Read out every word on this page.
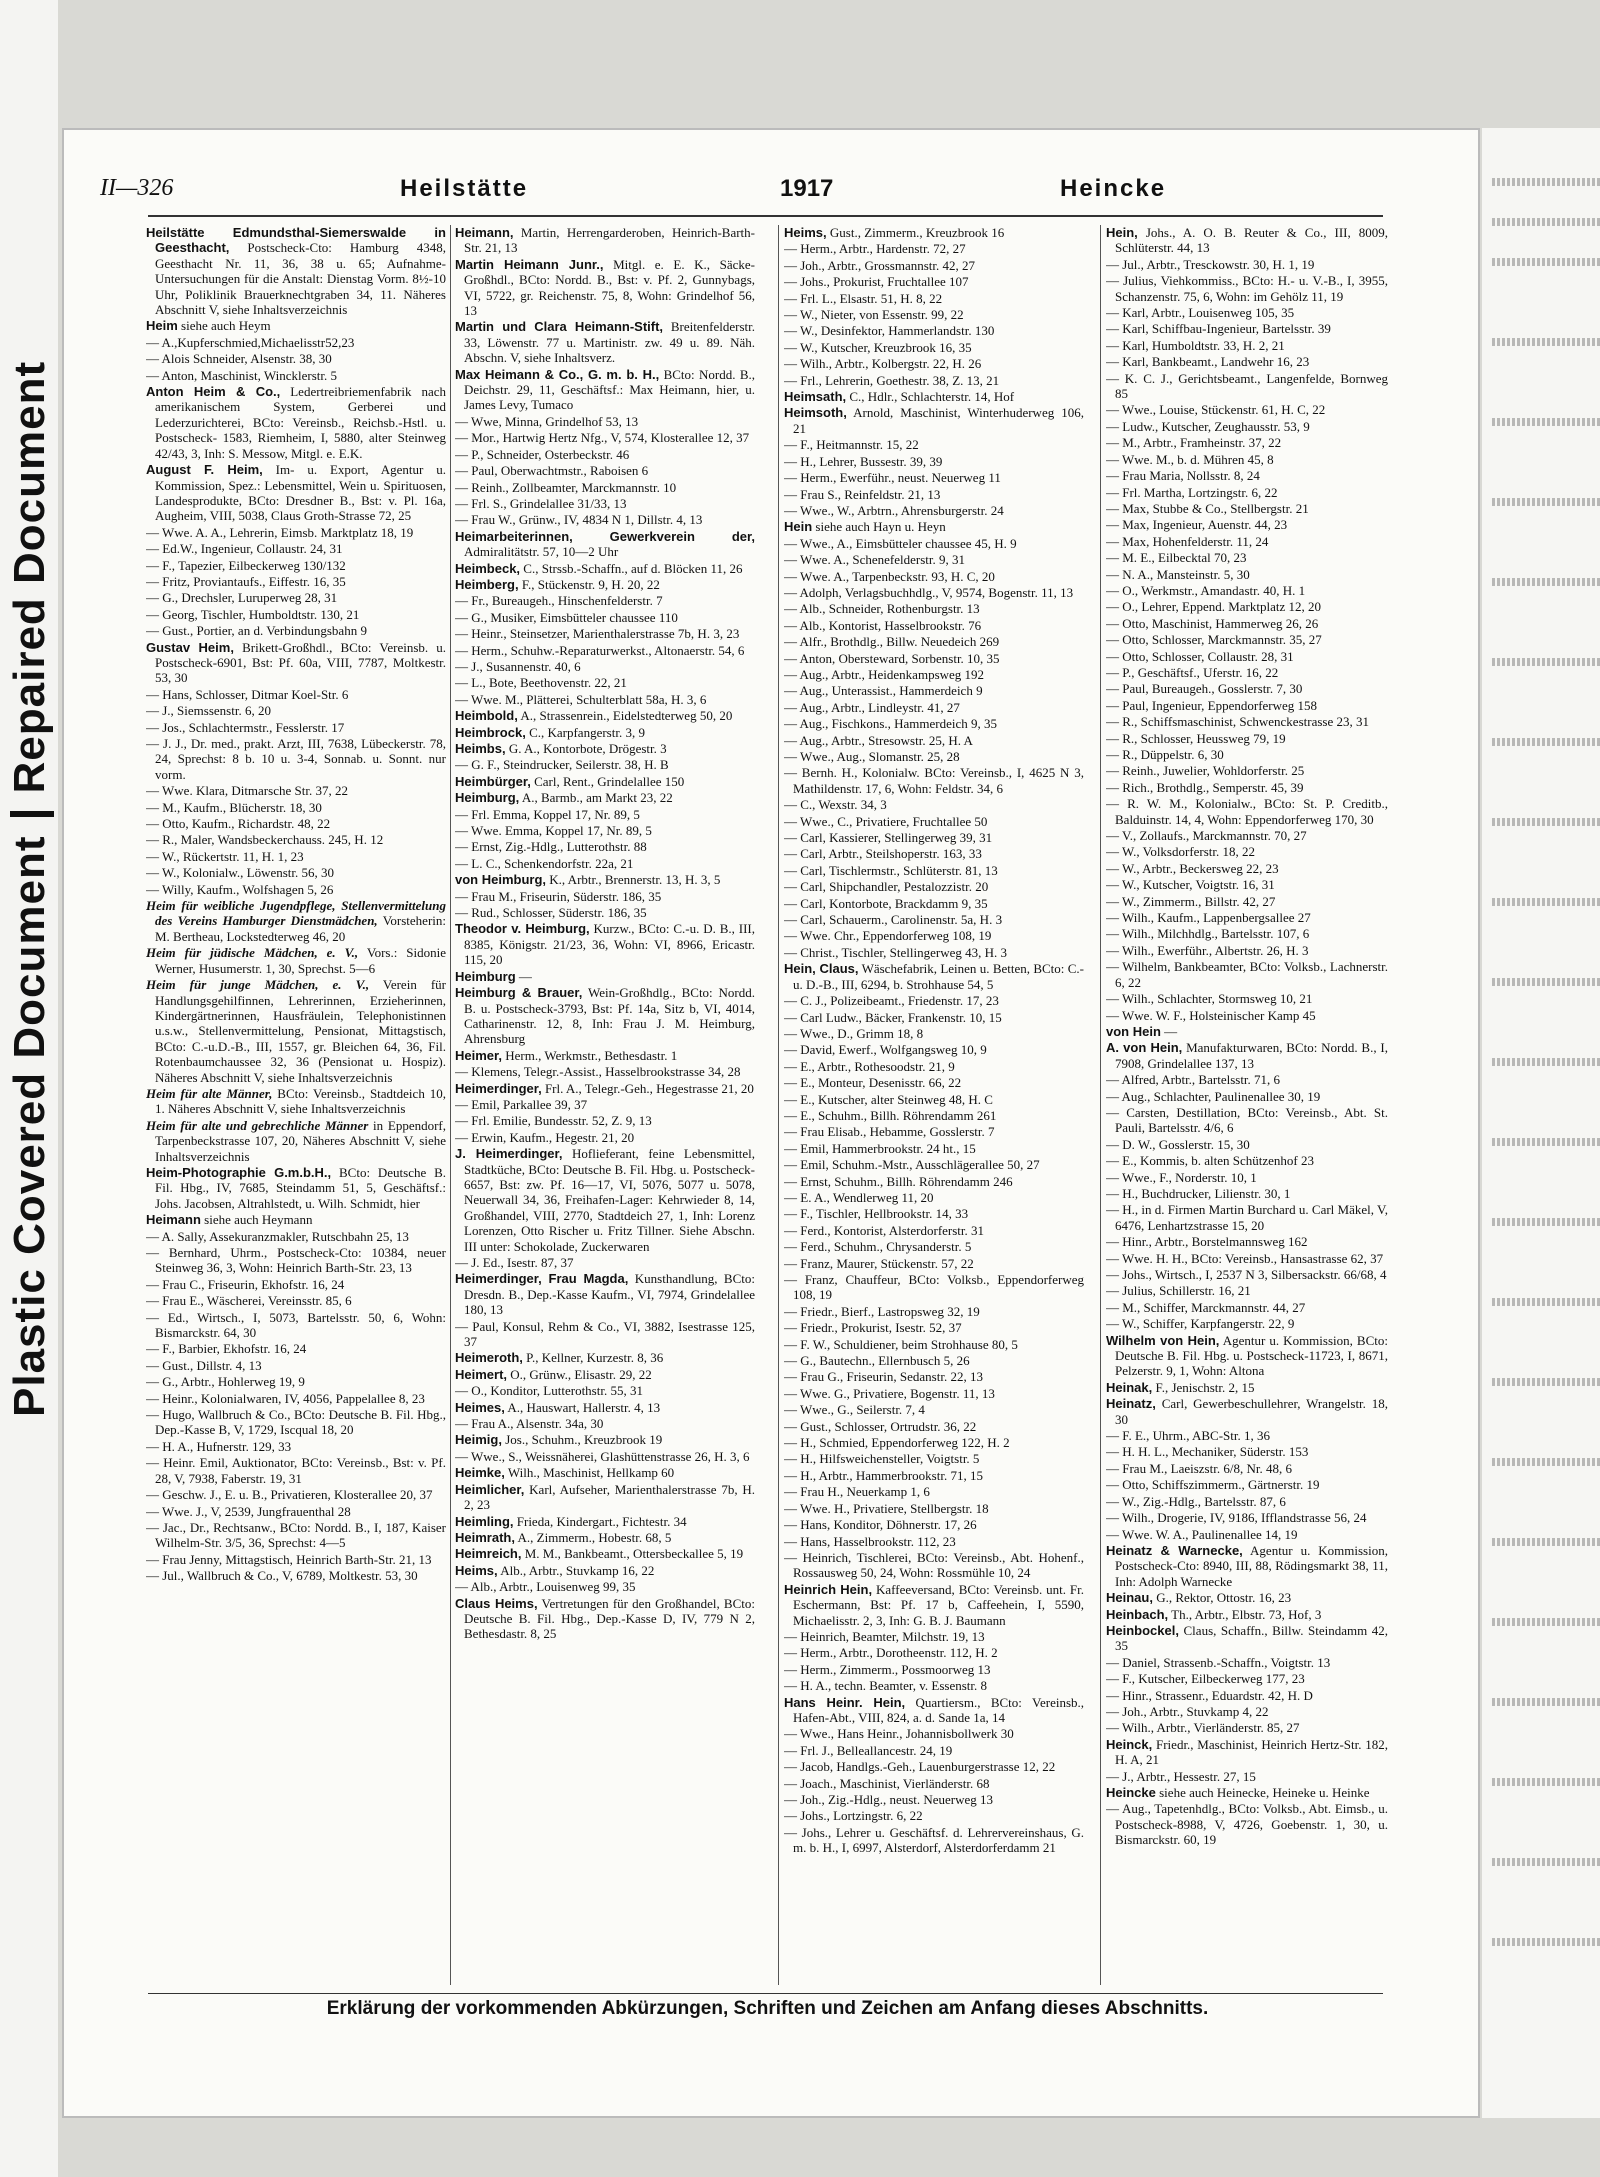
Plastic Covered DocumentRepaired Document
II—326	Heilstätte	1917	Heincke
Heilstätte Edmundsthal-Siemerswalde in Geesthacht, Postscheck-Cto: Hamburg 4348, Geesthacht Nr. 11, 36, 38 u. 65; Aufnahme-Untersuchungen für die Anstalt: Dienstag Vorm. 8½-10 Uhr, Poliklinik Brauerknechtgraben 34, 11. Näheres Abschnitt V, siehe Inhaltsverzeichnis
Heim siehe auch Heym
— A.,Kupferschmied,Michaelisstr52,23
— Alois Schneider, Alsenstr. 38, 30
— Anton, Maschinist, Wincklerstr. 5
Anton Heim & Co., Ledertreibriemenfabrik nach amerikanischem System, Gerberei und Lederzurichterei, BCto: Vereinsb., Reichsb.-Hstl. u. Postscheck- 1583, Riemheim, I, 5880, alter Steinweg 42/43, 3, Inh: S. Messow, Mitgl. e. E.K.
August F. Heim, Im- u. Export, Agentur u. Kommission, Spez.: Lebensmittel, Wein u. Spirituosen, Landesprodukte, BCto: Dresdner B., Bst: v. Pl. 16a, Augheim, VIII, 5038, Claus Groth-Strasse 72, 25
— Wwe. A. A., Lehrerin, Eimsb. Marktplatz 18, 19
— Ed.W., Ingenieur, Collaustr. 24, 31
— F., Tapezier, Eilbeckerweg 130/132
— Fritz, Proviantaufs., Eiffestr. 16, 35
— G., Drechsler, Luruperweg 28, 31
— Georg, Tischler, Humboldtstr. 130, 21
— Gust., Portier, an d. Verbindungsbahn 9
Gustav Heim, Brikett-Großhdl., BCto: Vereinsb. u. Postscheck-6901, Bst: Pf. 60a, VIII, 7787, Moltkestr. 53, 30
— Hans, Schlosser, Ditmar Koel-Str. 6
— J., Siemssenstr. 6, 20
— Jos., Schlachtermstr., Fesslerstr. 17
— J. J., Dr. med., prakt. Arzt, III, 7638, Lübeckerstr. 78, 24, Sprechst: 8 b. 10 u. 3-4, Sonnab. u. Sonnt. nur vorm.
— Wwe. Klara, Ditmarsche Str. 37, 22
— M., Kaufm., Blücherstr. 18, 30
— Otto, Kaufm., Richardstr. 48, 22
— R., Maler, Wandsbeckerchauss. 245, H. 12
— W., Rückertstr. 11, H. 1, 23
— W., Kolonialw., Löwenstr. 56, 30
— Willy, Kaufm., Wolfshagen 5, 26
Heim für weibliche Jugendpflege, Stellenvermittelung des Vereins Hamburger Dienstmädchen, Vorsteherin: M. Bertheau, Lockstedterweg 46, 20
Heim für jüdische Mädchen, e. V., Vors.: Sidonie Werner, Husumerstr. 1, 30, Sprechst. 5—6
Heim für junge Mädchen, e. V., Verein für Handlungsgehilfinnen, Lehrerinnen, Erzieherinnen, Kindergärtnerinnen, Hausfräulein, Telephonistinnen u.s.w., Stellenvermittelung, Pensionat, Mittagstisch, BCto: C.-u.D.-B., III, 1557, gr. Bleichen 64, 36, Fil. Rotenbaumchaussee 32, 36 (Pensionat u. Hospiz). Näheres Abschnitt V, siehe Inhaltsverzeichnis
Heim für alte Männer, BCto: Vereinsb., Stadtdeich 10, 1. Näheres Abschnitt V, siehe Inhaltsverzeichnis
Heim für alte und gebrechliche Männer in Eppendorf, Tarpenbeckstrasse 107, 20, Näheres Abschnitt V, siehe Inhaltsverzeichnis
Heim-Photographie G.m.b.H., BCto: Deutsche B. Fil. Hbg., IV, 7685, Steindamm 51, 5, Geschäftsf.: Johs. Jacobsen, Altrahlstedt, u. Wilh. Schmidt, hier
Heimann siehe auch Heymann
— A. Sally, Assekuranzmakler, Rutschbahn 25, 13
— Bernhard, Uhrm., Postscheck-Cto: 10384, neuer Steinweg 36, 3, Wohn: Heinrich Barth-Str. 23, 13
— Frau C., Friseurin, Ekhofstr. 16, 24
— Frau E., Wäscherei, Vereinsstr. 85, 6
— Ed., Wirtsch., I, 5073, Bartelsstr. 50, 6, Wohn: Bismarckstr. 64, 30
— F., Barbier, Ekhofstr. 16, 24
— Gust., Dillstr. 4, 13
— G., Arbtr., Hohlerweg 19, 9
— Heinr., Kolonialwaren, IV, 4056, Pappelallee 8, 23
— Hugo, Wallbruch & Co., BCto: Deutsche B. Fil. Hbg., Dep.-Kasse B, V, 1729, Iscqual 18, 20
— H. A., Hufnerstr. 129, 33
— Heinr. Emil, Auktionator, BCto: Vereinsb., Bst: v. Pf. 28, V, 7938, Faberstr. 19, 31
— Geschw. J., E. u. B., Privatieren, Klosterallee 20, 37
— Wwe. J., V, 2539, Jungfrauenthal 28
— Jac., Dr., Rechtsanw., BCto: Nordd. B., I, 187, Kaiser Wilhelm-Str. 3/5, 36, Sprechst: 4—5
— Frau Jenny, Mittagstisch, Heinrich Barth-Str. 21, 13
— Jul., Wallbruch & Co., V, 6789, Moltkestr. 53, 30
Heimann, Martin, Herrengarderoben, Heinrich-Barth-Str. 21, 13
Martin Heimann Junr., Mitgl. e. E. K., Säcke-Großhdl., BCto: Nordd. B., Bst: v. Pf. 2, Gunnybags, VI, 5722, gr. Reichenstr. 75, 8, Wohn: Grindelhof 56, 13
Martin und Clara Heimann-Stift, Breitenfelderstr. 33, Löwenstr. 77 u. Martinistr. zw. 49 u. 89. Näh. Abschn. V, siehe Inhaltsverz.
Max Heimann & Co., G. m. b. H., BCto: Nordd. B., Deichstr. 29, 11, Geschäftsf.: Max Heimann, hier, u. James Levy, Tumaco
— Wwe, Minna, Grindelhof 53, 13
— Mor., Hartwig Hertz Nfg., V, 574, Klosterallee 12, 37
— P., Schneider, Osterbeckstr. 46
— Paul, Oberwachtmstr., Raboisen 6
— Reinh., Zollbeamter, Marckmannstr. 10
— Frl. S., Grindelallee 31/33, 13
— Frau W., Grünw., IV, 4834 N 1, Dillstr. 4, 13
Heimarbeiterinnen, Gewerkverein der, Admiralitätstr. 57, 10—2 Uhr
Heimbeck, C., Strssb.-Schaffn., auf d. Blöcken 11, 26
Heimberg, F., Stückenstr. 9, H. 20, 22
— Fr., Bureaugeh., Hinschenfelderstr. 7
— G., Musiker, Eimsbütteler chaussee 110
— Heinr., Steinsetzer, Marienthalerstrasse 7b, H. 3, 23
— Herm., Schuhw.-Reparaturwerkst., Altonaerstr. 54, 6
— J., Susannenstr. 40, 6
— L., Bote, Beethovenstr. 22, 21
— Wwe. M., Plätterei, Schulterblatt 58a, H. 3, 6
Heimbold, A., Strassenrein., Eidelstedterweg 50, 20
Heimbrock, C., Karpfangerstr. 3, 9
Heimbs, G. A., Kontorbote, Drögestr. 3
— G. F., Steindrucker, Seilerstr. 38, H. B
Heimbürger, Carl, Rent., Grindelallee 150
Heimburg, A., Barmb., am Markt 23, 22
— Frl. Emma, Koppel 17, Nr. 89, 5
— Wwe. Emma, Koppel 17, Nr. 89, 5
— Ernst, Zig.-Hdlg., Lutterothstr. 88
— L. C., Schenkendorfstr. 22a, 21
von Heimburg, K., Arbtr., Brennerstr. 13, H. 3, 5
— Frau M., Friseurin, Süderstr. 186, 35
— Rud., Schlosser, Süderstr. 186, 35
Theodor v. Heimburg, Kurzw., BCto: C.-u. D. B., III, 8385, Königstr. 21/23, 36, Wohn: VI, 8966, Ericastr. 115, 20
Heimburg —
Heimburg & Brauer, Wein-Großhdlg., BCto: Nordd. B. u. Postscheck-3793, Bst: Pf. 14a, Sitz b, VI, 4014, Catharinenstr. 12, 8, Inh: Frau J. M. Heimburg, Ahrensburg
Heimer, Herm., Werkmstr., Bethesdastr. 1
— Klemens, Telegr.-Assist., Hasselbrookstrasse 34, 28
Heimerdinger, Frl. A., Telegr.-Geh., Hegestrasse 21, 20
— Emil, Parkallee 39, 37
— Frl. Emilie, Bundesstr. 52, Z. 9, 13
— Erwin, Kaufm., Hegestr. 21, 20
J. Heimerdinger, Hoflieferant, feine Lebensmittel, Stadtküche, BCto: Deutsche B. Fil. Hbg. u. Postscheck-6657, Bst: zw. Pf. 16—17, VI, 5076, 5077 u. 5078, Neuerwall 34, 36, Freihafen-Lager: Kehrwieder 8, 14, Großhandel, VIII, 2770, Stadtdeich 27, 1, Inh: Lorenz Lorenzen, Otto Rischer u. Fritz Tillner. Siehe Abschn. III unter: Schokolade, Zuckerwaren
— J. Ed., Isestr. 87, 37
Heimerdinger, Frau Magda, Kunsthandlung, BCto: Dresdn. B., Dep.-Kasse Kaufm., VI, 7974, Grindelallee 180, 13
— Paul, Konsul, Rehm & Co., VI, 3882, Isestrasse 125, 37
Heimeroth, P., Kellner, Kurzestr. 8, 36
Heimert, O., Grünw., Elisastr. 29, 22
— O., Konditor, Lutterothstr. 55, 31
Heimes, A., Hauswart, Hallerstr. 4, 13
— Frau A., Alsenstr. 34a, 30
Heimig, Jos., Schuhm., Kreuzbrook 19
— Wwe., S., Weissnäherei, Glashüttenstrasse 26, H. 3, 6
Heimke, Wilh., Maschinist, Hellkamp 60
Heimlicher, Karl, Aufseher, Marienthalerstrasse 7b, H. 2, 23
Heimling, Frieda, Kindergart., Fichtestr. 34
Heimrath, A., Zimmerm., Hobestr. 68, 5
Heimreich, M. M., Bankbeamt., Ottersbeckallee 5, 19
Heims, Alb., Arbtr., Stuvkamp 16, 22
— Alb., Arbtr., Louisenweg 99, 35
Claus Heims, Vertretungen für den Großhandel, BCto: Deutsche B. Fil. Hbg., Dep.-Kasse D, IV, 779 N 2, Bethesdastr. 8, 25
Heims, Gust., Zimmerm., Kreuzbrook 16
— Herm., Arbtr., Hardenstr. 72, 27
— Joh., Arbtr., Grossmannstr. 42, 27
— Johs., Prokurist, Fruchtallee 107
— Frl. L., Elsastr. 51, H. 8, 22
— W., Nieter, von Essenstr. 99, 22
— W., Desinfektor, Hammerlandstr. 130
— W., Kutscher, Kreuzbrook 16, 35
— Wilh., Arbtr., Kolbergstr. 22, H. 26
— Frl., Lehrerin, Goethestr. 38, Z. 13, 21
Heimsath, C., Hdlr., Schlachterstr. 14, Hof
Heimsoth, Arnold, Maschinist, Winterhuderweg 106, 21
— F., Heitmannstr. 15, 22
— H., Lehrer, Bussestr. 39, 39
— Herm., Ewerführ., neust. Neuerweg 11
— Frau S., Reinfeldstr. 21, 13
— Wwe., W., Arbtrn., Ahrensburgerstr. 24
Hein siehe auch Hayn u. Heyn
— Wwe., A., Eimsbütteler chaussee 45, H. 9
— Wwe. A., Schenefelderstr. 9, 31
— Wwe. A., Tarpenbeckstr. 93, H. C, 20
— Adolph, Verlagsbuchhdlg., V, 9574, Bogenstr. 11, 13
— Alb., Schneider, Rothenburgstr. 13
— Alb., Kontorist, Hasselbrookstr. 76
— Alfr., Brothdlg., Billw. Neuedeich 269
— Anton, Obersteward, Sorbenstr. 10, 35
— Aug., Arbtr., Heidenkampsweg 192
— Aug., Unterassist., Hammerdeich 9
— Aug., Arbtr., Lindleystr. 41, 27
— Aug., Fischkons., Hammerdeich 9, 35
— Aug., Arbtr., Stresowstr. 25, H. A
— Wwe., Aug., Slomanstr. 25, 28
— Bernh. H., Kolonialw. BCto: Vereinsb., I, 4625 N 3, Mathildenstr. 17, 6, Wohn: Feldstr. 34, 6
— C., Wexstr. 34, 3
— Wwe., C., Privatiere, Fruchtallee 50
— Carl, Kassierer, Stellingerweg 39, 31
— Carl, Arbtr., Steilshoperstr. 163, 33
— Carl, Tischlermstr., Schlüterstr. 81, 13
— Carl, Shipchandler, Pestalozzistr. 20
— Carl, Kontorbote, Brackdamm 9, 35
— Carl, Schauerm., Carolinenstr. 5a, H. 3
— Wwe. Chr., Eppendorferweg 108, 19
— Christ., Tischler, Stellingerweg 43, H. 3
Hein, Claus, Wäschefabrik, Leinen u. Betten, BCto: C.- u. D.-B., III, 6294, b. Strohhause 54, 5
— C. J., Polizeibeamt., Friedenstr. 17, 23
— Carl Ludw., Bäcker, Frankenstr. 10, 15
— Wwe., D., Grimm 18, 8
— David, Ewerf., Wolfgangsweg 10, 9
— E., Arbtr., Rothesoodstr. 21, 9
— E., Monteur, Desenisstr. 66, 22
— E., Kutscher, alter Steinweg 48, H. C
— E., Schuhm., Billh. Röhrendamm 261
— Frau Elisab., Hebamme, Gosslerstr. 7
— Emil, Hammerbrookstr. 24 ht., 15
— Emil, Schuhm.-Mstr., Ausschlägerallee 50, 27
— Ernst, Schuhm., Billh. Röhrendamm 246
— E. A., Wendlerweg 11, 20
— F., Tischler, Hellbrookstr. 14, 33
— Ferd., Kontorist, Alsterdorferstr. 31
— Ferd., Schuhm., Chrysanderstr. 5
— Franz, Maurer, Stückenstr. 57, 22
— Franz, Chauffeur, BCto: Volksb., Eppendorferweg 108, 19
— Friedr., Bierf., Lastropsweg 32, 19
— Friedr., Prokurist, Isestr. 52, 37
— F. W., Schuldiener, beim Strohhause 80, 5
— G., Bautechn., Ellernbusch 5, 26
— Frau G., Friseurin, Sedanstr. 22, 13
— Wwe. G., Privatiere, Bogenstr. 11, 13
— Wwe., G., Seilerstr. 7, 4
— Gust., Schlosser, Ortrudstr. 36, 22
— H., Schmied, Eppendorferweg 122, H. 2
— H., Hilfsweichensteller, Voigtstr. 5
— H., Arbtr., Hammerbrookstr. 71, 15
— Frau H., Neuerkamp 1, 6
— Wwe. H., Privatiere, Stellbergstr. 18
— Hans, Konditor, Döhnerstr. 17, 26
— Hans, Hasselbrookstr. 112, 23
— Heinrich, Tischlerei, BCto: Vereinsb., Abt. Hohenf., Rossausweg 50, 24, Wohn: Rossmühle 10, 24
Heinrich Hein, Kaffeeversand, BCto: Vereinsb. unt. Fr. Eschermann, Bst: Pf. 17 b, Caffeehein, I, 5590, Michaelisstr. 2, 3, Inh: G. B. J. Baumann
— Heinrich, Beamter, Milchstr. 19, 13
— Herm., Arbtr., Dorotheenstr. 112, H. 2
— Herm., Zimmerm., Possmoorweg 13
— H. A., techn. Beamter, v. Essenstr. 8
Hans Heinr. Hein, Quartiersm., BCto: Vereinsb., Hafen-Abt., VIII, 824, a. d. Sande 1a, 14
— Wwe., Hans Heinr., Johannisbollwerk 30
— Frl. J., Belleallancestr. 24, 19
— Jacob, Handlgs.-Geh., Lauenburgerstrasse 12, 22
— Joach., Maschinist, Vierländerstr. 68
— Joh., Zig.-Hdlg., neust. Neuerweg 13
— Johs., Lortzingstr. 6, 22
— Johs., Lehrer u. Geschäftsf. d. Lehrervereinshaus, G. m. b. H., I, 6997, Alsterdorf, Alsterdorferdamm 21
Hein, Johs., A. O. B. Reuter & Co., III, 8009, Schlüterstr. 44, 13
— Jul., Arbtr., Tresckowstr. 30, H. 1, 19
— Julius, Viehkommiss., BCto: H.- u. V.-B., I, 3955, Schanzenstr. 75, 6, Wohn: im Gehölz 11, 19
— Karl, Arbtr., Louisenweg 105, 35
— Karl, Schiffbau-Ingenieur, Bartelsstr. 39
— Karl, Humboldtstr. 33, H. 2, 21
— Karl, Bankbeamt., Landwehr 16, 23
— K. C. J., Gerichtsbeamt., Langenfelde, Bornweg 85
— Wwe., Louise, Stückenstr. 61, H. C, 22
— Ludw., Kutscher, Zeughausstr. 53, 9
— M., Arbtr., Framheinstr. 37, 22
— Wwe. M., b. d. Mühren 45, 8
— Frau Maria, Nollsstr. 8, 24
— Frl. Martha, Lortzingstr. 6, 22
— Max, Stubbe & Co., Stellbergstr. 21
— Max, Ingenieur, Auenstr. 44, 23
— Max, Hohenfelderstr. 11, 24
— M. E., Eilbecktal 70, 23
— N. A., Mansteinstr. 5, 30
— O., Werkmstr., Amandastr. 40, H. 1
— O., Lehrer, Eppend. Marktplatz 12, 20
— Otto, Maschinist, Hammerweg 26, 26
— Otto, Schlosser, Marckmannstr. 35, 27
— Otto, Schlosser, Collaustr. 28, 31
— P., Geschäftsf., Uferstr. 16, 22
— Paul, Bureaugeh., Gosslerstr. 7, 30
— Paul, Ingenieur, Eppendorferweg 158
— R., Schiffsmaschinist, Schwenckestrasse 23, 31
— R., Schlosser, Heussweg 79, 19
— R., Düppelstr. 6, 30
— Reinh., Juwelier, Wohldorferstr. 25
— Rich., Brothdlg., Semperstr. 45, 39
— R. W. M., Kolonialw., BCto: St. P. Creditb., Balduinstr. 14, 4, Wohn: Eppendorferweg 170, 30
— V., Zollaufs., Marckmannstr. 70, 27
— W., Volksdorferstr. 18, 22
— W., Arbtr., Beckersweg 22, 23
— W., Kutscher, Voigtstr. 16, 31
— W., Zimmerm., Billstr. 42, 27
— Wilh., Kaufm., Lappenbergsallee 27
— Wilh., Milchhdlg., Bartelsstr. 107, 6
— Wilh., Ewerführ., Albertstr. 26, H. 3
— Wilhelm, Bankbeamter, BCto: Volksb., Lachnerstr. 6, 22
— Wilh., Schlachter, Stormsweg 10, 21
— Wwe. W. F., Holsteinischer Kamp 45
von Hein —
A. von Hein, Manufakturwaren, BCto: Nordd. B., I, 7908, Grindelallee 137, 13
— Alfred, Arbtr., Bartelsstr. 71, 6
— Aug., Schlachter, Paulinenallee 30, 19
— Carsten, Destillation, BCto: Vereinsb., Abt. St. Pauli, Bartelsstr. 4/6, 6
— D. W., Gosslerstr. 15, 30
— E., Kommis, b. alten Schützenhof 23
— Wwe., F., Norderstr. 10, 1
— H., Buchdrucker, Lilienstr. 30, 1
— H., in d. Firmen Martin Burchard u. Carl Mäkel, V, 6476, Lenhartzstrasse 15, 20
— Hinr., Arbtr., Borstelmannsweg 162
— Wwe. H. H., BCto: Vereinsb., Hansastrasse 62, 37
— Johs., Wirtsch., I, 2537 N 3, Silbersackstr. 66/68, 4
— Julius, Schillerstr. 16, 21
— M., Schiffer, Marckmannstr. 44, 27
— W., Schiffer, Karpfangerstr. 22, 9
Wilhelm von Hein, Agentur u. Kommission, BCto: Deutsche B. Fil. Hbg. u. Postscheck-11723, I, 8671, Pelzerstr. 9, 1, Wohn: Altona
Heinak, F., Jenischstr. 2, 15
Heinatz, Carl, Gewerbeschullehrer, Wrangelstr. 18, 30
— F. E., Uhrm., ABC-Str. 1, 36
— H. H. L., Mechaniker, Süderstr. 153
— Frau M., Laeiszstr. 6/8, Nr. 48, 6
— Otto, Schiffszimmerm., Gärtnerstr. 19
— W., Zig.-Hdlg., Bartelsstr. 87, 6
— Wilh., Drogerie, IV, 9186, Ifflandstrasse 56, 24
— Wwe. W. A., Paulinenallee 14, 19
Heinatz & Warnecke, Agentur u. Kommission, Postscheck-Cto: 8940, III, 88, Rödingsmarkt 38, 11, Inh: Adolph Warnecke
Heinau, G., Rektor, Ottostr. 16, 23
Heinbach, Th., Arbtr., Elbstr. 73, Hof, 3
Heinbockel, Claus, Schaffn., Billw. Steindamm 42, 35
— Daniel, Strassenb.-Schaffn., Voigtstr. 13
— F., Kutscher, Eilbeckerweg 177, 23
— Hinr., Strassenr., Eduardstr. 42, H. D
— Joh., Arbtr., Stuvkamp 4, 22
— Wilh., Arbtr., Vierländerstr. 85, 27
Heinck, Friedr., Maschinist, Heinrich Hertz-Str. 182, H. A, 21
— J., Arbtr., Hessestr. 27, 15
Heincke siehe auch Heinecke, Heineke u. Heinke
— Aug., Tapetenhdlg., BCto: Volksb., Abt. Eimsb., u. Postscheck-8988, V, 4726, Goebenstr. 1, 30, u. Bismarckstr. 60, 19
Erklärung der vorkommenden Abkürzungen, Schriften und Zeichen am Anfang dieses Abschnitts.
